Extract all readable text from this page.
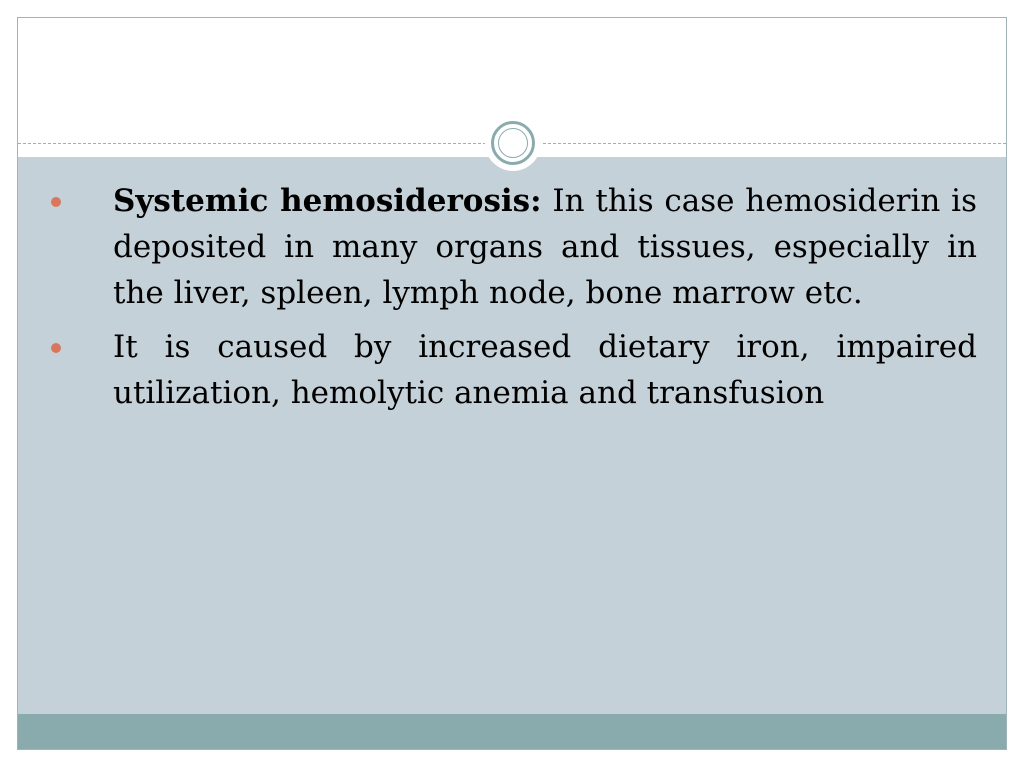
Systemic hemosiderosis: In this case hemosiderin is deposited in many organs and tissues, especially in the liver, spleen, lymph node, bone marrow etc.
It is caused by increased dietary iron, impaired utilization, hemolytic anemia and transfusion
